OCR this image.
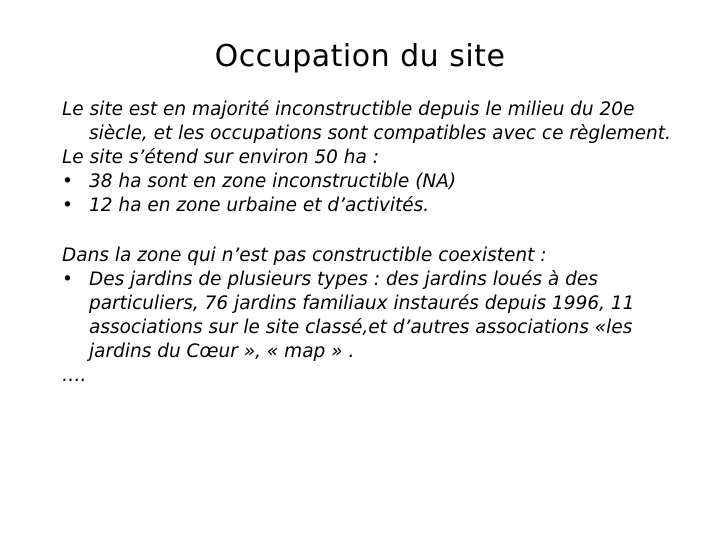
Occupation du site

Le site est en majorité inconstructible depuis le milieu du 20e siècle, et les occupations sont compatibles avec ce règlement.

Le site s’étend sur environ 50 ha :

• 38 ha sont en zone inconstructible (NA)
• 12 ha en zone urbaine et d’activités.

Dans la zone qui n’est pas constructible coexistent :

• Des jardins de plusieurs types : des jardins loués à des particuliers, 76 jardins familiaux instaurés depuis 1996, 11 associations sur le site classé,et d’autres associations «les jardins du Cœur », « map » .

….
